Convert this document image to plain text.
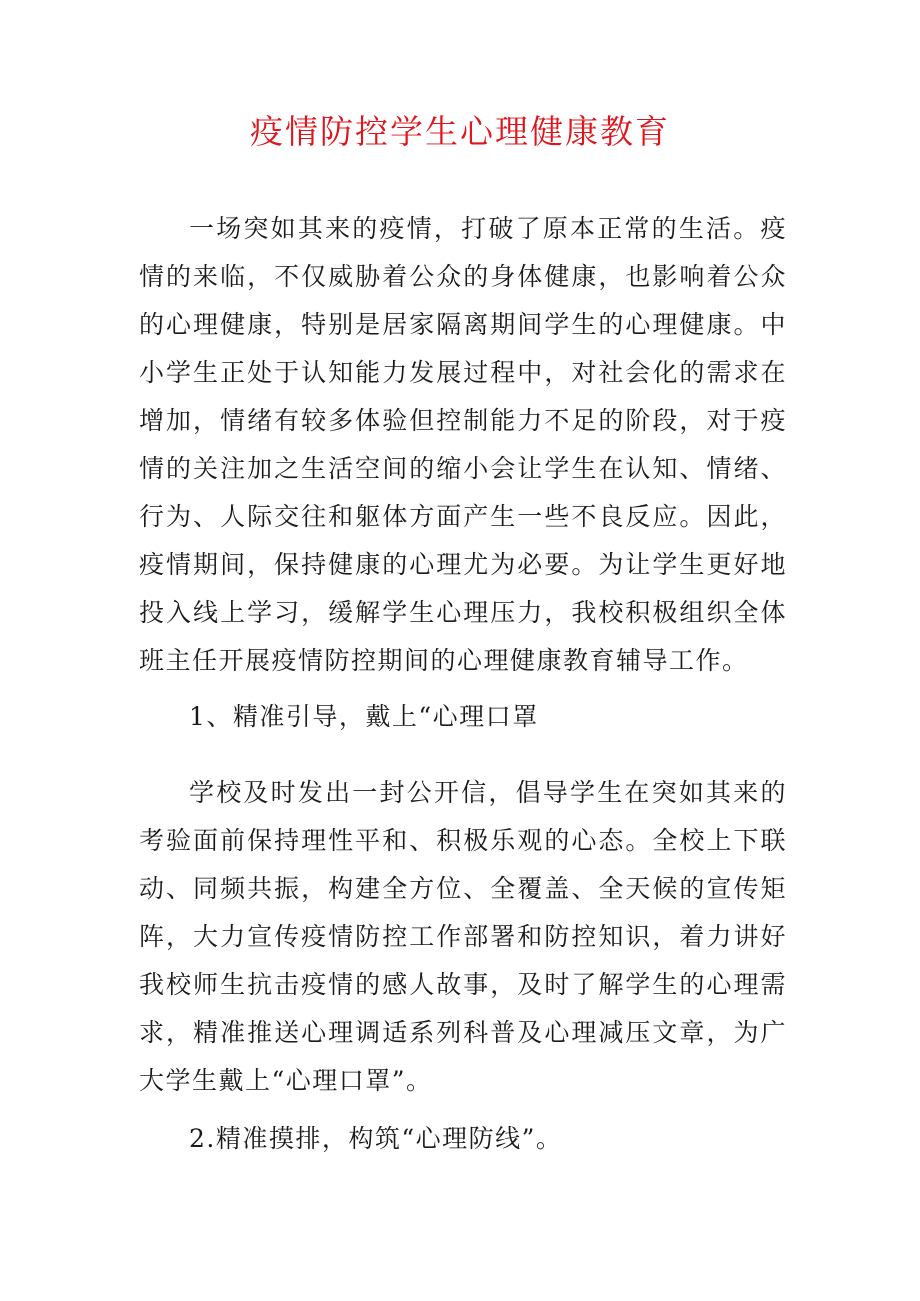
疫情防控学生心理健康教育

一场突如其来的疫情，打破了原本正常的生活。疫情的来临，不仅威胁着公众的身体健康，也影响着公众的心理健康，特别是居家隔离期间学生的心理健康。中小学生正处于认知能力发展过程中，对社会化的需求在增加，情绪有较多体验但控制能力不足的阶段，对于疫情的关注加之生活空间的缩小会让学生在认知、情绪、行为、人际交往和躯体方面产生一些不良反应。因此，疫情期间，保持健康的心理尤为必要。为让学生更好地投入线上学习，缓解学生心理压力，我校积极组织全体班主任开展疫情防控期间的心理健康教育辅导工作。

1、精准引导，戴上“心理口罩

学校及时发出一封公开信，倡导学生在突如其来的考验面前保持理性平和、积极乐观的心态。全校上下联动、同频共振，构建全方位、全覆盖、全天候的宣传矩阵，大力宣传疫情防控工作部署和防控知识，着力讲好我校师生抗击疫情的感人故事，及时了解学生的心理需求，精准推送心理调适系列科普及心理减压文章，为广大学生戴上“心理口罩”。

2.精准摸排，构筑“心理防线”。
